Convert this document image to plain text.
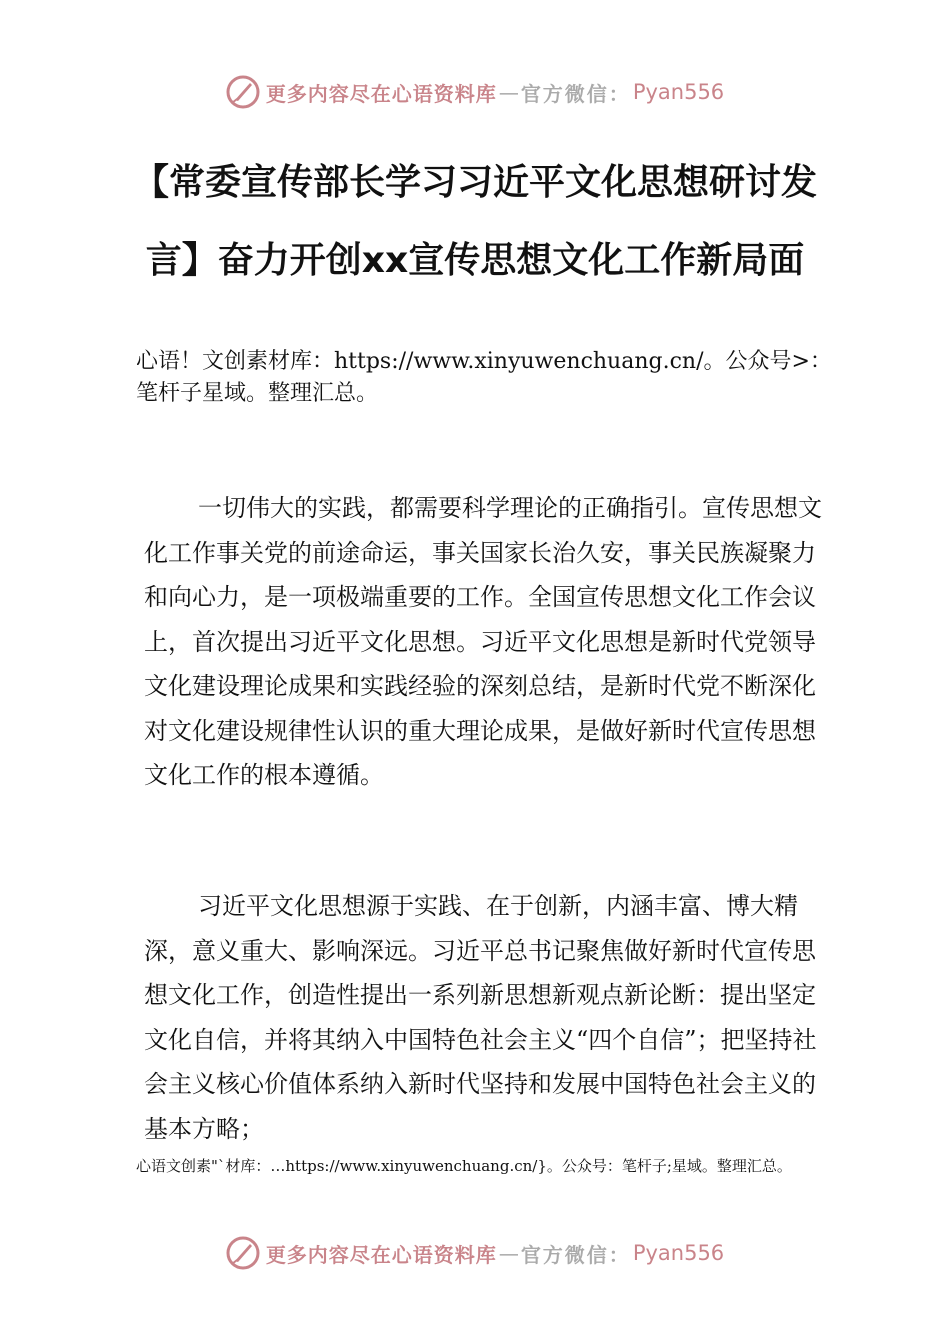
更多内容尽在心语资料库 — 官方微信： Pyan556
【常委宣传部长学习习近平文化思想研讨发言】奋力开创xx宣传思想文化工作新局面
心语！文创素材库：https://www.xinyuwenchuang.cn/。公众号>：笔杆子星域。整理汇总。
一切伟大的实践，都需要科学理论的正确指引。宣传思想文化工作事关党的前途命运，事关国家长治久安，事关民族凝聚力和向心力，是一项极端重要的工作。全国宣传思想文化工作会议上，首次提出习近平文化思想。习近平文化思想是新时代党领导文化建设理论成果和实践经验的深刻总结，是新时代党不断深化对文化建设规律性认识的重大理论成果，是做好新时代宣传思想文化工作的根本遵循。
习近平文化思想源于实践、在于创新，内涵丰富、博大精深，意义重大、影响深远。习近平总书记聚焦做好新时代宣传思想文化工作，创造性提出一系列新思想新观点新论断：提出坚定文化自信，并将其纳入中国特色社会主义“四个自信”；把坚持社会主义核心价值体系纳入新时代坚持和发展中国特色社会主义的基本方略；
心语文创素"`材库：…https://www.xinyuwenchuang.cn/}。公众号：笔杆子;星域。整理汇总。
更多内容尽在心语资料库 — 官方微信： Pyan556
